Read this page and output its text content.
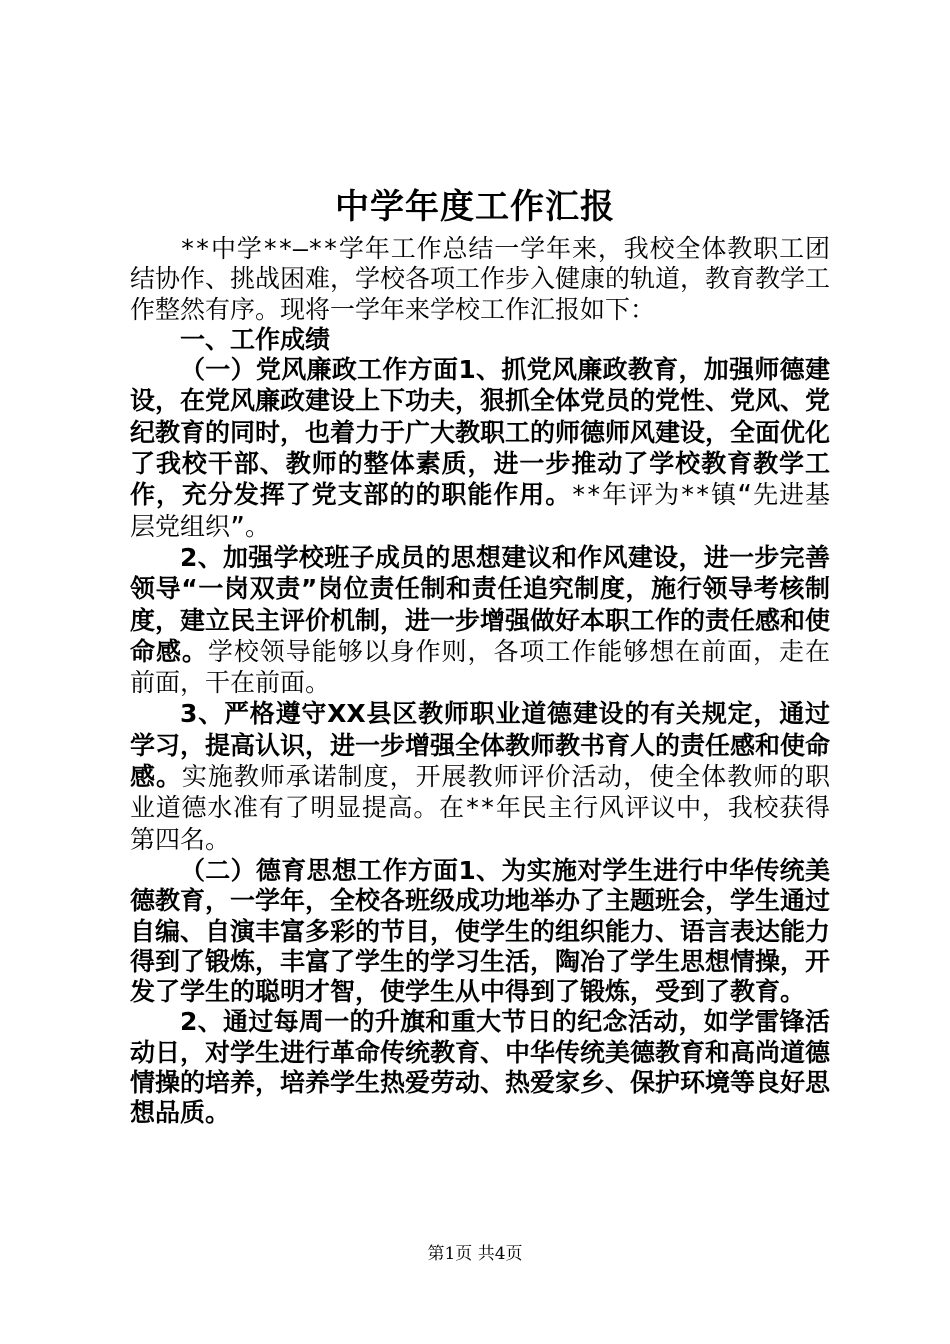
中学年度工作汇报

**中学**—**学年工作总结一学年来，我校全体教职工团结协作、挑战困难，学校各项工作步入健康的轨道，教育教学工作整然有序。现将一学年来学校工作汇报如下：

一、工作成绩

（一）党风廉政工作方面1、抓党风廉政教育，加强师德建设，在党风廉政建设上下功夫，狠抓全体党员的党性、党风、党纪教育的同时，也着力于广大教职工的师德师风建设，全面优化了我校干部、教师的整体素质，进一步推动了学校教育教学工作，充分发挥了党支部的的职能作用。**年评为**镇“先进基层党组织”。

2、加强学校班子成员的思想建议和作风建设，进一步完善领导“一岗双责”岗位责任制和责任追究制度，施行领导考核制度，建立民主评价机制，进一步增强做好本职工作的责任感和使命感。学校领导能够以身作则，各项工作能够想在前面，走在前面，干在前面。

3、严格遵守XX县区教师职业道德建设的有关规定，通过学习，提高认识，进一步增强全体教师教书育人的责任感和使命感。实施教师承诺制度，开展教师评价活动，使全体教师的职业道德水准有了明显提高。在**年民主行风评议中，我校获得第四名。

（二）德育思想工作方面1、为实施对学生进行中华传统美德教育，一学年，全校各班级成功地举办了主题班会，学生通过自编、自演丰富多彩的节目，使学生的组织能力、语言表达能力得到了锻炼，丰富了学生的学习生活，陶冶了学生思想情操，开发了学生的聪明才智，使学生从中得到了锻炼，受到了教育。

2、通过每周一的升旗和重大节日的纪念活动，如学雷锋活动日，对学生进行革命传统教育、中华传统美德教育和高尚道德情操的培养，培养学生热爱劳动、热爱家乡、保护环境等良好思想品质。

第1页 共4页
